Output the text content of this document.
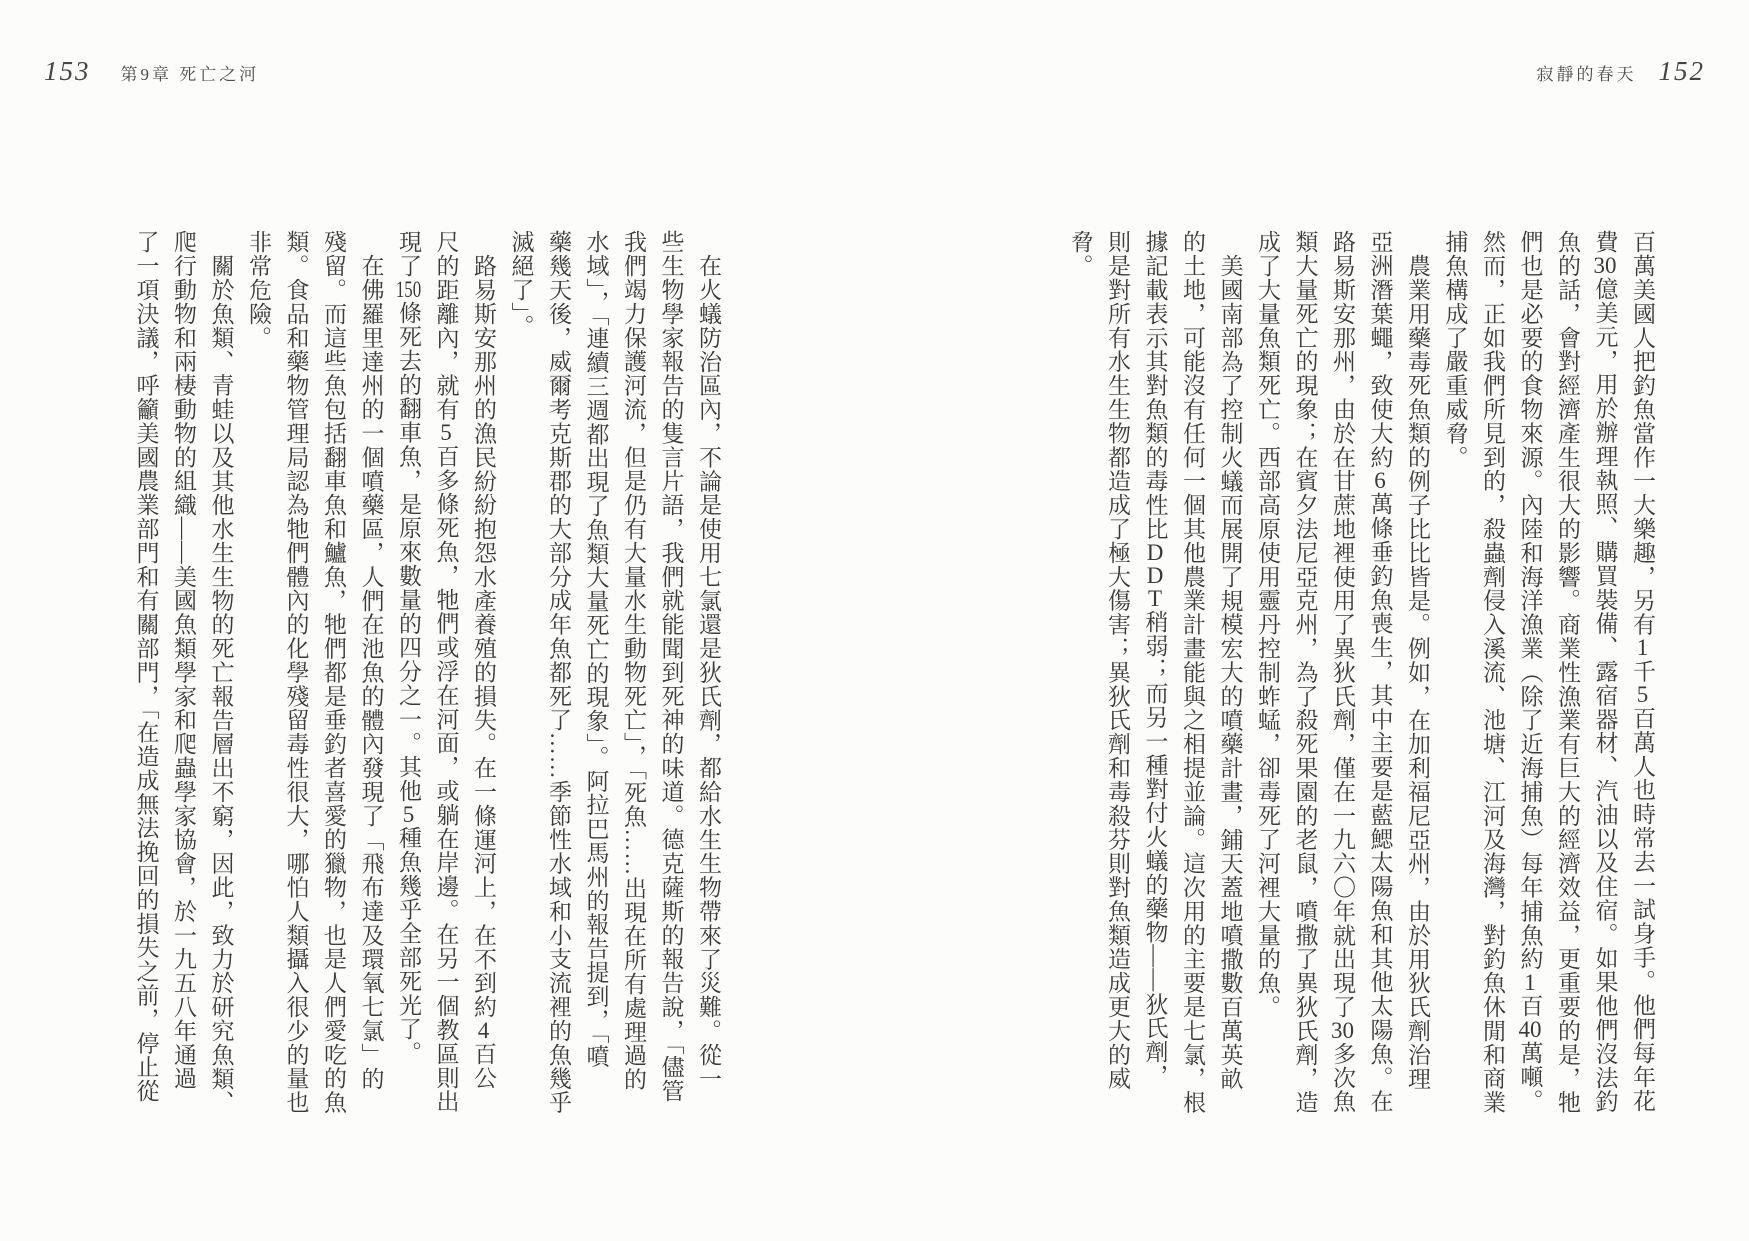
153 第9章 死亡之河	寂靜的春天 152
百萬美國人把釣魚當作一大樂趣，另有1千5百萬人也時常去一試身手。他們每年花
費30億美元，用於辦理執照、購買裝備、露宿器材、汽油以及住宿。如果他們沒法釣
魚的話，會對經濟產生很大的影響。商業性漁業有巨大的經濟效益，更重要的是，牠
們也是必要的食物來源。內陸和海洋漁業（除了近海捕魚）每年捕魚約1百40萬噸。
然而，正如我們所見到的，殺蟲劑侵入溪流、池塘、江河及海灣，對釣魚休閒和商業
捕魚構成了嚴重威脅。
農業用藥毒死魚類的例子比比皆是。例如，在加利福尼亞州，由於用狄氏劑治理
亞洲潛葉蠅，致使大約6萬條垂釣魚喪生，其中主要是藍鰓太陽魚和其他太陽魚。在
路易斯安那州，由於在甘蔗地裡使用了異狄氏劑，僅在一九六〇年就出現了30多次魚
類大量死亡的現象；在賓夕法尼亞克州，為了殺死果園的老鼠，噴撒了異狄氏劑，造
成了大量魚類死亡。西部高原使用靈丹控制蚱蜢，卻毒死了河裡大量的魚。
美國南部為了控制火蟻而展開了規模宏大的噴藥計畫，鋪天蓋地噴撒數百萬英畝
的土地，可能沒有任何一個其他農業計畫能與之相提並論。這次用的主要是七氯，根
據記載表示其對魚類的毒性比DDT稍弱；而另一種對付火蟻的藥物——狄氏劑，
則是對所有水生生物都造成了極大傷害；異狄氏劑和毒殺芬則對魚類造成更大的威
脅。
在火蟻防治區內，不論是使用七氯還是狄氏劑，都給水生生物帶來了災難。從一
些生物學家報告的隻言片語，我們就能聞到死神的味道。德克薩斯的報告說，「儘管
我們竭力保護河流，但是仍有大量水生動物死亡」，「死魚……出現在所有處理過的
水域」，「連續三週都出現了魚類大量死亡的現象」。阿拉巴馬州的報告提到，「噴
藥幾天後，威爾考克斯郡的大部分成年魚都死了……季節性水域和小支流裡的魚幾乎
滅絕了」。
路易斯安那州的漁民紛紛抱怨水產養殖的損失。在一條運河上，在不到約4百公
尺的距離內，就有5百多條死魚，牠們或浮在河面，或躺在岸邊。在另一個教區則出
現了150條死去的翻車魚，是原來數量的四分之一。其他5種魚幾乎全部死光了。
在佛羅里達州的一個噴藥區，人們在池魚的體內發現了「飛布達及環氧七氯」的
殘留。而這些魚包括翻車魚和鱸魚，牠們都是垂釣者喜愛的獵物，也是人們愛吃的魚
類。食品和藥物管理局認為牠們體內的化學殘留毒性很大，哪怕人類攝入很少的量也
非常危險。
關於魚類、青蛙以及其他水生生物的死亡報告層出不窮，因此，致力於研究魚類、
爬行動物和兩棲動物的組織——美國魚類學家和爬蟲學家協會，於一九五八年通過
了一項決議，呼籲美國農業部門和有關部門，「在造成無法挽回的損失之前，停止從
